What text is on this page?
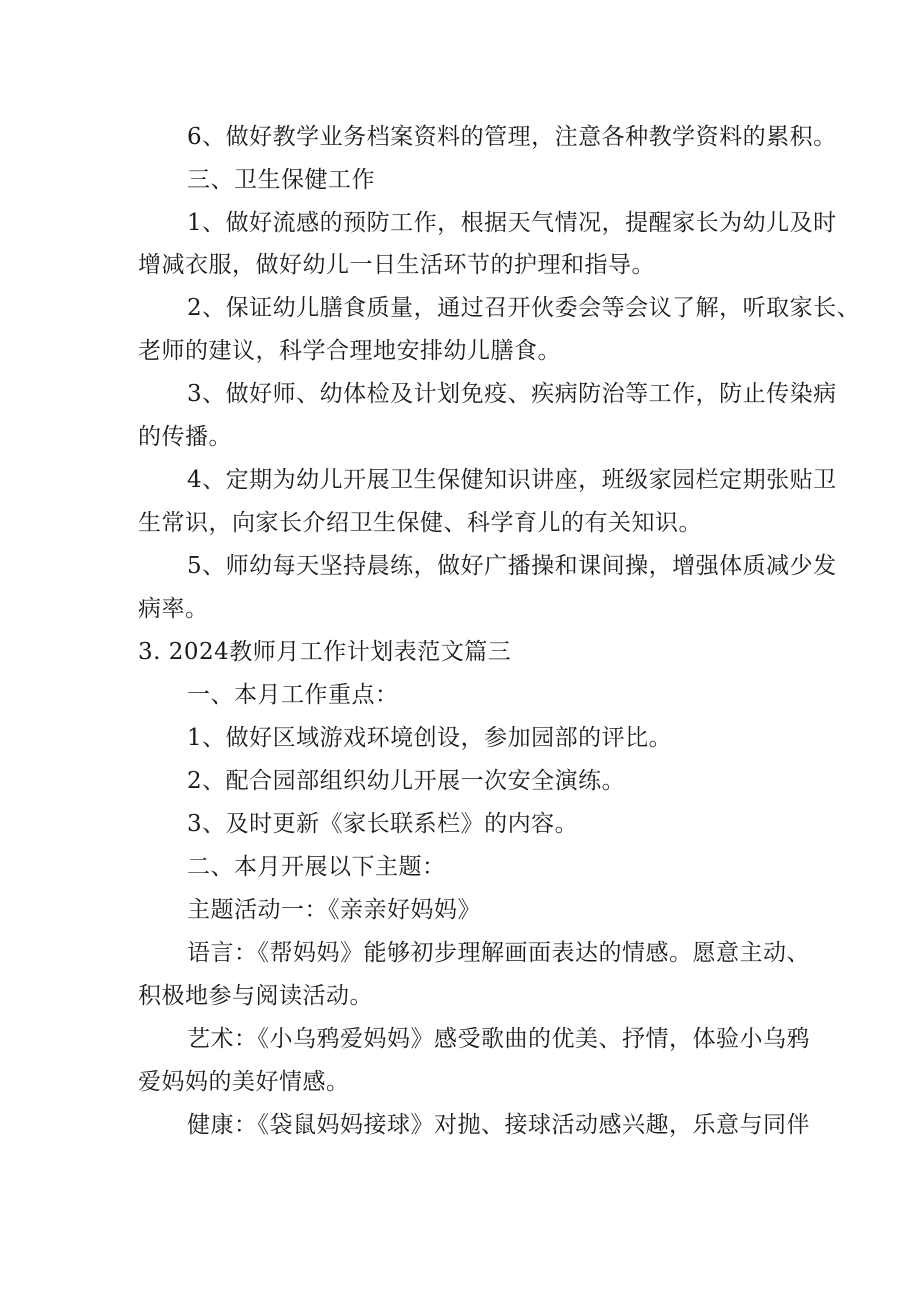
6、做好教学业务档案资料的管理，注意各种教学资料的累积。
三、卫生保健工作
1、做好流感的预防工作，根据天气情况，提醒家长为幼儿及时
增减衣服，做好幼儿一日生活环节的护理和指导。
2、保证幼儿膳食质量，通过召开伙委会等会议了解，听取家长、
老师的建议，科学合理地安排幼儿膳食。
3、做好师、幼体检及计划免疫、疾病防治等工作，防止传染病
的传播。
4、定期为幼儿开展卫生保健知识讲座，班级家园栏定期张贴卫
生常识，向家长介绍卫生保健、科学育儿的有关知识。
5、师幼每天坚持晨练，做好广播操和课间操，增强体质减少发
病率。
3. 2024教师月工作计划表范文篇三
一、本月工作重点：
1、做好区域游戏环境创设，参加园部的评比。
2、配合园部组织幼儿开展一次安全演练。
3、及时更新《家长联系栏》的内容。
二、本月开展以下主题：
主题活动一：《亲亲好妈妈》
语言：《帮妈妈》能够初步理解画面表达的情感。愿意主动、
积极地参与阅读活动。
艺术：《小乌鸦爱妈妈》感受歌曲的优美、抒情，体验小乌鸦
爱妈妈的美好情感。
健康：《袋鼠妈妈接球》对抛、接球活动感兴趣，乐意与同伴
